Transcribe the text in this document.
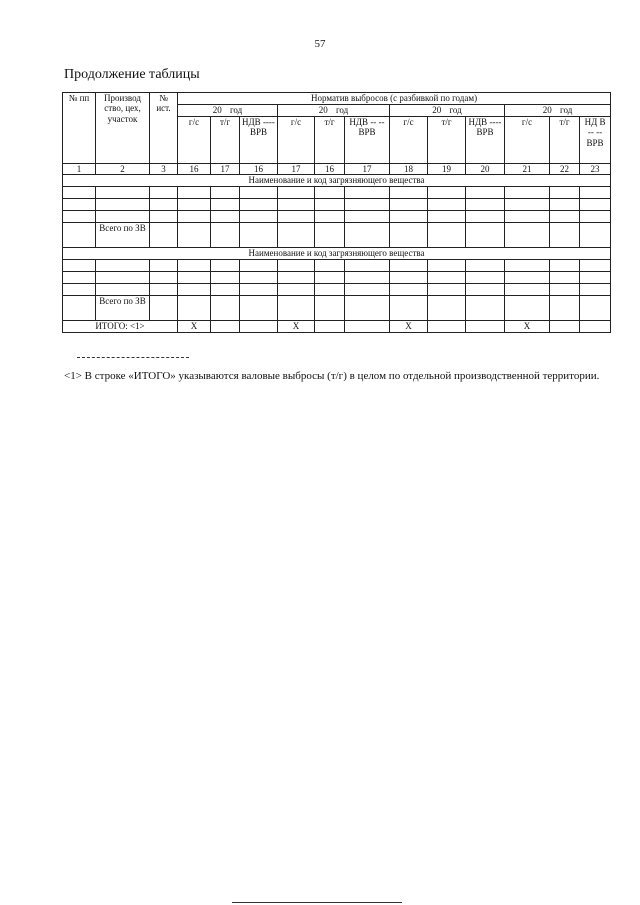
57
Продолжение таблицы
№ пп	Производ ство, цех, участок	№ ист.	Норматив выбросов (с разбивкой по годам)											
			20 год			20 год			20 год			20 год		
			г/с	т/г	НДВ ---- ВРВ	г/с	т/г	НДВ -- -- ВРВ	г/с	т/г	НДВ ---- ВРВ	г/с	т/г	НД В -- -- ВРВ
1	2	3	16	17	16	17	16	17	18	19	20	21	22	23
Наименование и код загрязняющего вещества														

	Всего по ЗВ													
Наименование и код загрязняющего вещества														

	Всего по ЗВ													
ИТОГО: <1>			X			X			X			X		
<1> В строке «ИТОГО» указываются валовые выбросы (т/г) в целом по отдельной производственной территории.
